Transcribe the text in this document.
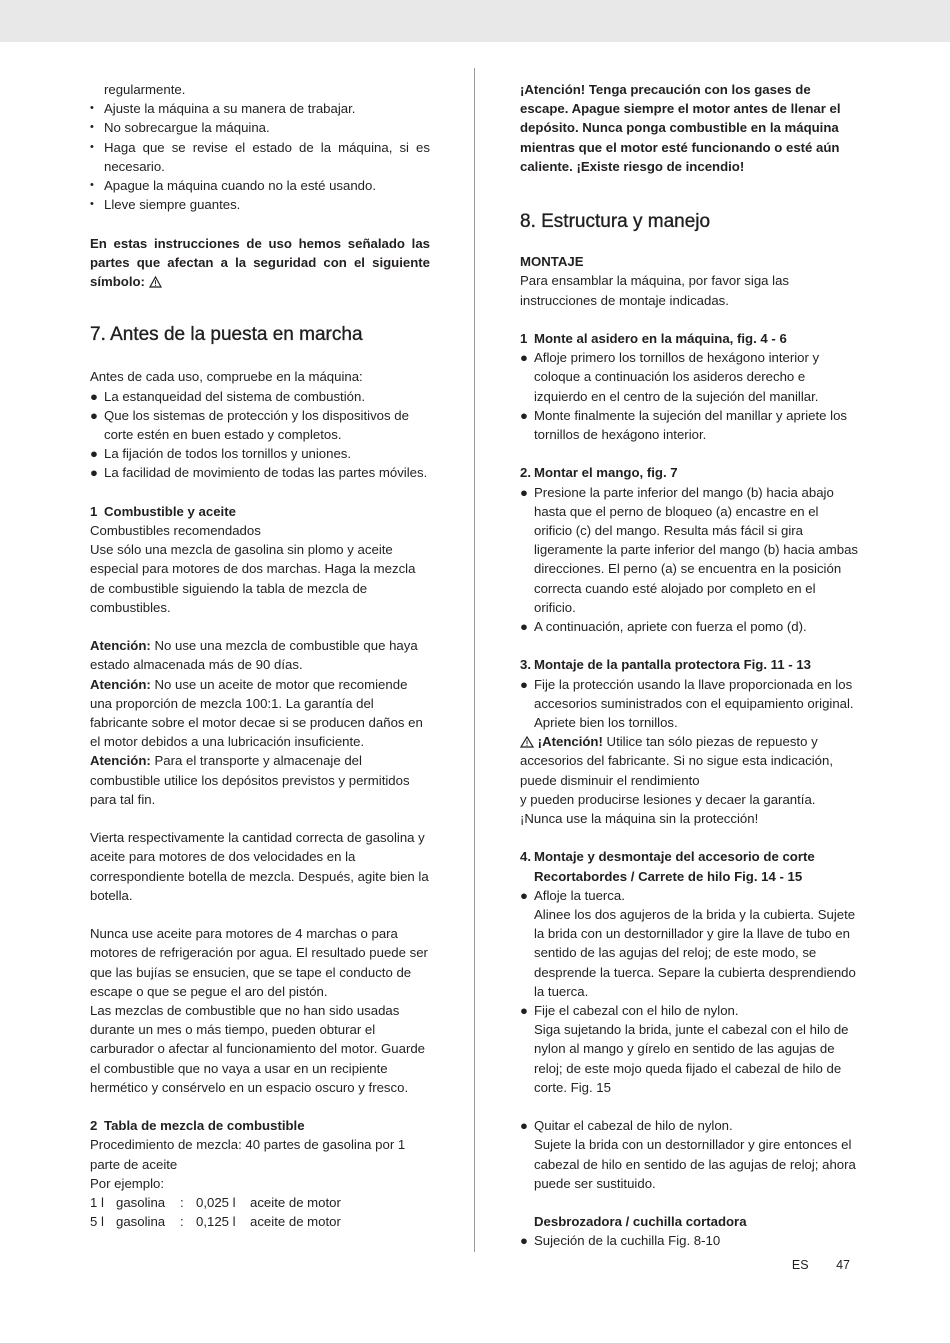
regularmente.

• Ajuste la máquina a su manera de trabajar.
• No sobrecargue la máquina.
• Haga que se revise el estado de la máquina, si es necesario.
• Apague la máquina cuando no la esté usando.
• Lleve siempre guantes.

En estas instrucciones de uso hemos señalado las partes que afectan a la seguridad con el siguiente símbolo:

7. Antes de la puesta en marcha

Antes de cada uso, compruebe en la máquina:

● La estanqueidad del sistema de combustión.
● Que los sistemas de protección y los dispositivos de corte estén en buen estado y completos.
● La fijación de todos los tornillos y uniones.
● La facilidad de movimiento de todas las partes móviles.

1 Combustible y aceite

Combustibles recomendados

Use sólo una mezcla de gasolina sin plomo y aceite especial para motores de dos marchas. Haga la mezcla de combustible siguiendo la tabla de mezcla de combustibles.

Atención: No use una mezcla de combustible que haya estado almacenada más de 90 días.

Atención: No use un aceite de motor que recomiende una proporción de mezcla 100:1. La garantía del fabricante sobre el motor decae si se producen daños en el motor debidos a una lubricación insuficiente.

Atención: Para el transporte y almacenaje del combustible utilice los depósitos previstos y permitidos para tal fin.

Vierta respectivamente la cantidad correcta de gasolina y aceite para motores de dos velocidades en la correspondiente botella de mezcla. Después, agite bien la botella.

Nunca use aceite para motores de 4 marchas o para motores de refrigeración por agua. El resultado puede ser que las bujías se ensucien, que se tape el conducto de escape o que se pegue el aro del pistón.

Las mezclas de combustible que no han sido usadas durante un mes o más tiempo, pueden obturar el carburador o afectar al funcionamiento del motor. Guarde el combustible que no vaya a usar en un recipiente hermético y consérvelo en un espacio oscuro y fresco.

2 Tabla de mezcla de combustible

Procedimiento de mezcla: 40 partes de gasolina por 1 parte de aceite

Por ejemplo:

1 l gasolina	: 0,025 l	aceite de motor
5 l gasolina	: 0,125 l	aceite de motor

¡Atención! Tenga precaución con los gases de escape. Apague siempre el motor antes de llenar el depósito. Nunca ponga combustible en la máquina mientras que el motor esté funcionando o esté aún caliente. ¡Existe riesgo de incendio!

8. Estructura y manejo

MONTAJE

Para ensamblar la máquina, por favor siga las instrucciones de montaje indicadas.

1 Monte al asidero en la máquina, fig. 4 - 6

● Afloje primero los tornillos de hexágono interior y coloque a continuación los asideros derecho e izquierdo en el centro de la sujeción del manillar.
● Monte finalmente la sujeción del manillar y apriete los tornillos de hexágono interior.

2. Montar el mango, fig. 7

● Presione la parte inferior del mango (b) hacia abajo hasta que el perno de bloqueo (a) encastre en el orificio (c) del mango. Resulta más fácil si gira ligeramente la parte inferior del mango (b) hacia ambas direcciones. El perno (a) se encuentra en la posición correcta cuando esté alojado por completo en el orificio.
● A continuación, apriete con fuerza el pomo (d).

3. Montaje de la pantalla protectora Fig. 11 - 13

● Fije la protección usando la llave proporcionada en los accesorios suministrados con el equipamiento original. Apriete bien los tornillos.

¡Atención! Utilice tan sólo piezas de repuesto y accesorios del fabricante. Si no sigue esta indicación, puede disminuir el rendimiento

y pueden producirse lesiones y decaer la garantía.

¡Nunca use la máquina sin la protección!

4. Montaje y desmontaje del accesorio de corte

Recortabordes / Carrete de hilo Fig. 14 - 15

● Afloje la tuerca.
Alinee los dos agujeros de la brida y la cubierta. Sujete la brida con un destornillador y gire la llave de tubo en sentido de las agujas del reloj; de este modo, se desprende la tuerca. Separe la cubierta desprendiendo la tuerca.
● Fije el cabezal con el hilo de nylon.
Siga sujetando la brida, junte el cabezal con el hilo de nylon al mango y gírelo en sentido de las agujas de reloj; de este mojo queda fijado el cabezal de hilo de corte. Fig. 15
● Quitar el cabezal de hilo de nylon.
Sujete la brida con un destornillador y gire entonces el cabezal de hilo en sentido de las agujas de reloj; ahora puede ser sustituido.

Desbrozadora / cuchilla cortadora

● Sujeción de la cuchilla Fig. 8-10
ES 47
